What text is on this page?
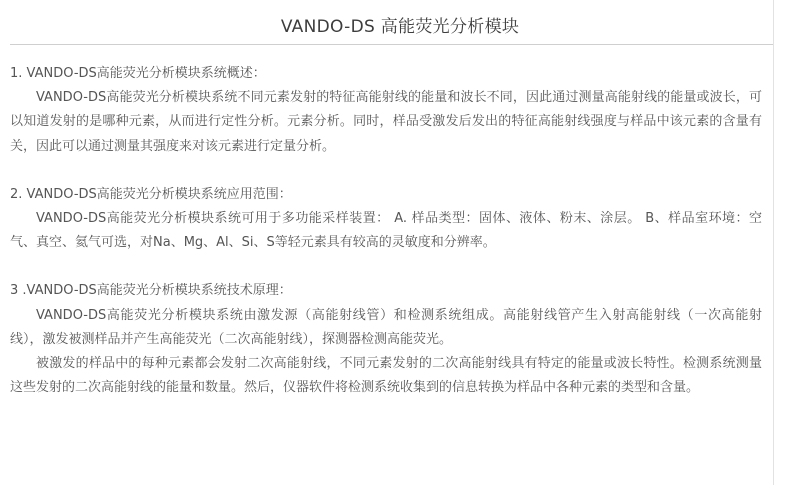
VANDO-DS 高能荧光分析模块

1. VANDO-DS高能荧光分析模块系统概述：

VANDO-DS高能荧光分析模块系统不同元素发射的特征高能射线的能量和波长不同，因此通过测量高能射线的能量或波长，可以知道发射的是哪种元素，从而进行定性分析。元素分析。同时，样品受激发后发出的特征高能射线强度与样品中该元素的含量有关，因此可以通过测量其强度来对该元素进行定量分析。

2. VANDO-DS高能荧光分析模块系统应用范围：

VANDO-DS高能荧光分析模块系统可用于多功能采样装置： A. 样品类型：固体、液体、粉末、涂层。 B、样品室环境：空气、真空、氦气可选，对Na、Mg、Al、Si、S等轻元素具有较高的灵敏度和分辨率。

3 .VANDO-DS高能荧光分析模块系统技术原理：

VANDO-DS高能荧光分析模块系统由激发源（高能射线管）和检测系统组成。高能射线管产生入射高能射线（一次高能射线），激发被测样品并产生高能荧光（二次高能射线），探测器检测高能荧光。

被激发的样品中的每种元素都会发射二次高能射线，不同元素发射的二次高能射线具有特定的能量或波长特性。检测系统测量这些发射的二次高能射线的能量和数量。然后，仪器软件将检测系统收集到的信息转换为样品中各种元素的类型和含量。
